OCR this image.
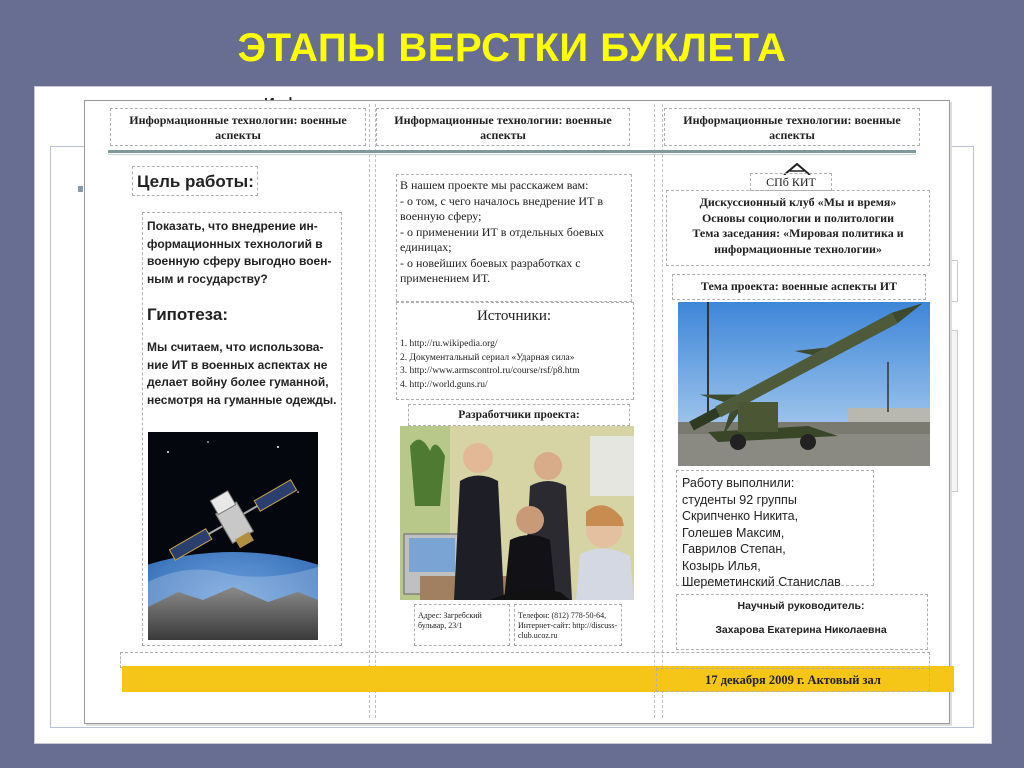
ЭТАПЫ ВЕРСТКИ БУКЛЕТА
Информационные технологии: военные аспекты
Информационные технологии: военные аспекты
Информационные технологии: военные аспекты
Цель работы:
Показать, что внедрение ин-формационных технологий в военную сферу выгодно воен-ным и государству?
Гипотеза:
Мы считаем, что использова-ние ИТ в военных аспектах не делает войну более гуманной, несмотря на гуманные одежды.
В нашем проекте мы расскажем вам:
- о том, с чего началось внедрение ИТ в военную сферу;
- о применении ИТ в отдельных боевых единицах;
- о новейших боевых разработках с применением ИТ.
Источники:
1. http://ru.wikipedia.org/
2. Документальный сериал «Ударная сила»
3. http://www.armscontrol.ru/course/rsf/p8.htm
4. http://world.guns.ru/
Разработчики проекта:
Адрес: Загребский бульвар, 23/1
Телефон: (812) 778-50-64, Интернет-сайт: http://discuss-club.ucoz.ru
СПб КИТ
Дискуссионный клуб «Мы и время»
Основы социологии и политологии
Тема заседания: «Мировая политика и информационные технологии»
Тема проекта: военные аспекты ИТ
Работу выполнили:
студенты 92 группы
Скрипченко Никита,
Голешев Максим,
Гаврилов Степан,
Козырь Илья,
Шереметинский Станислав
Научный руководитель:
Захарова Екатерина Николаевна
17 декабря 2009 г. Актовый зал
